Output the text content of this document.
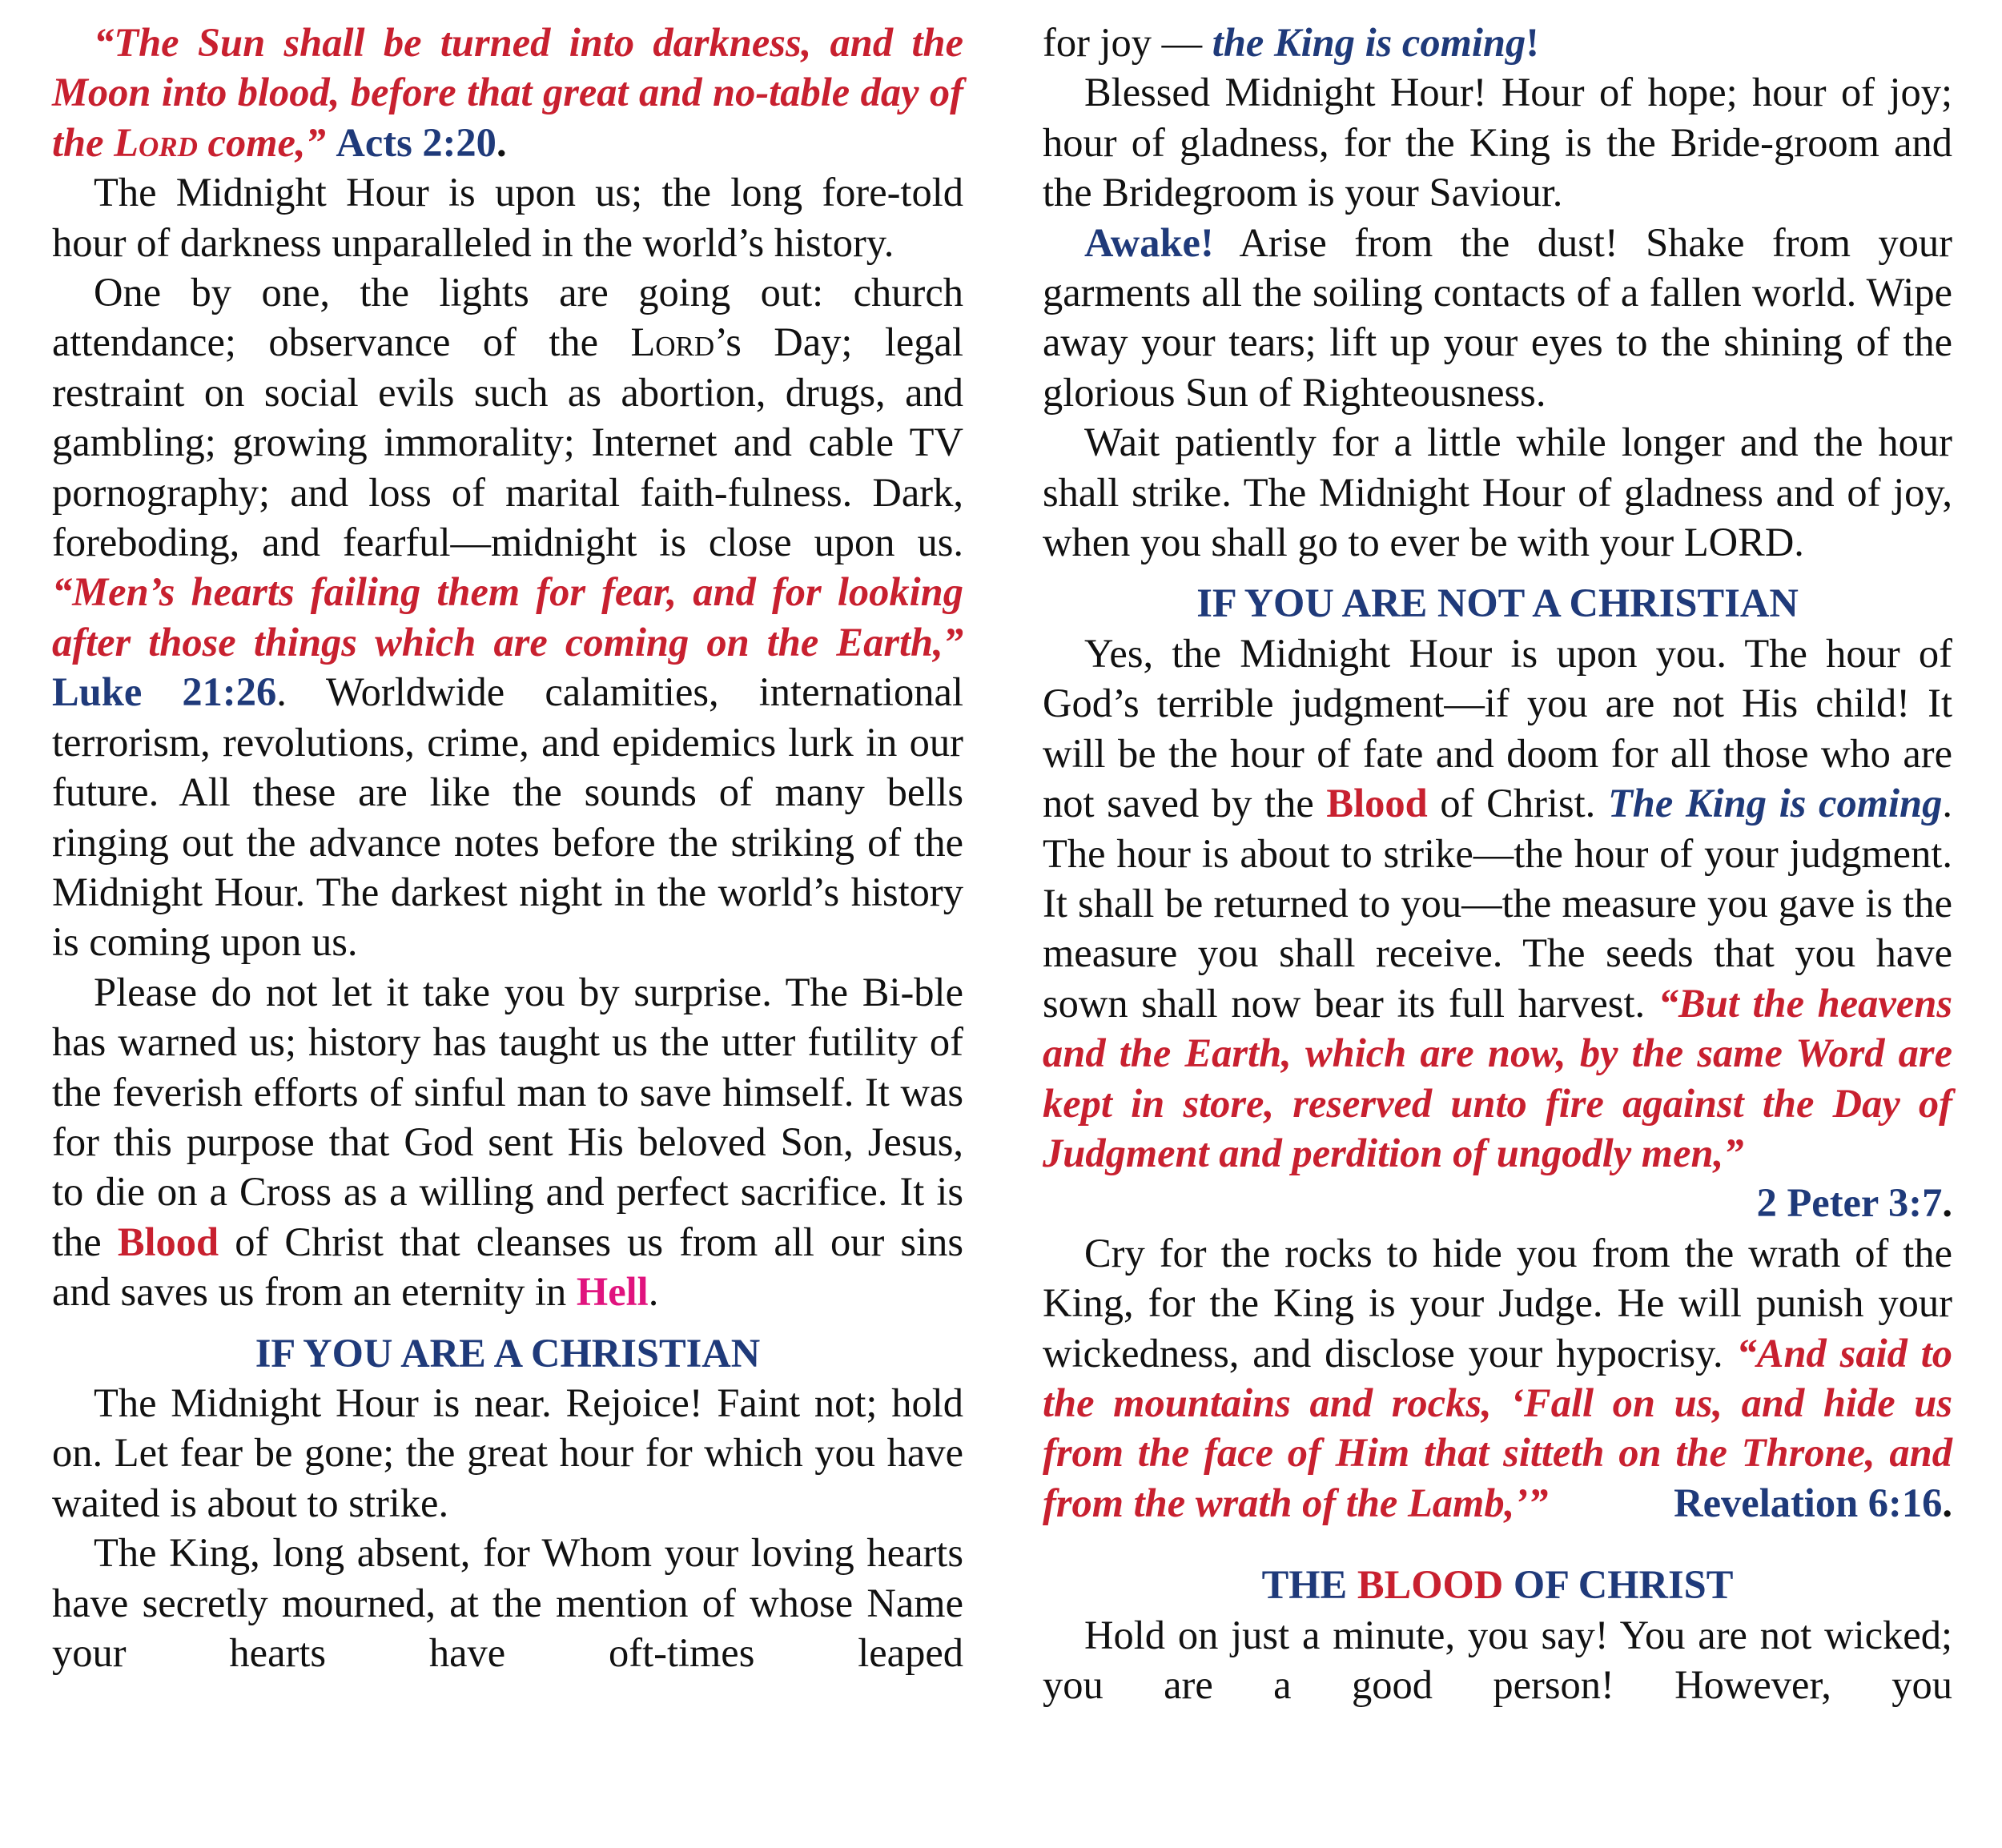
“The Sun shall be turned into darkness, and the Moon into blood, before that great and no-table day of the Lord come,” Acts 2:20.

The Midnight Hour is upon us; the long fore-told hour of darkness unparalleled in the world’s history.

One by one, the lights are going out: church attendance; observance of the Lord’s Day; legal restraint on social evils such as abortion, drugs, and gambling; growing immorality; Internet and cable TV pornography; and loss of marital faith-fulness. Dark, foreboding, and fearful—midnight is close upon us. “Men’s hearts failing them for fear, and for looking after those things which are coming on the Earth,” Luke 21:26. Worldwide calamities, international terrorism, revolutions, crime, and epidemics lurk in our future. All these are like the sounds of many bells ringing out the advance notes before the striking of the Midnight Hour. The darkest night in the world’s history is coming upon us.

Please do not let it take you by surprise. The Bi-ble has warned us; history has taught us the utter futility of the feverish efforts of sinful man to save himself. It was for this purpose that God sent His beloved Son, Jesus, to die on a Cross as a willing and perfect sacrifice. It is the Blood of Christ that cleanses us from all our sins and saves us from an eternity in Hell.

IF YOU ARE A CHRISTIAN

The Midnight Hour is near. Rejoice! Faint not; hold on. Let fear be gone; the great hour for which you have waited is about to strike.

The King, long absent, for Whom your loving hearts have secretly mourned, at the mention of whose Name your hearts have oft-times leaped

for joy — the King is coming!

Blessed Midnight Hour! Hour of hope; hour of joy; hour of gladness, for the King is the Bride-groom and the Bridegroom is your Saviour.

Awake! Arise from the dust! Shake from your garments all the soiling contacts of a fallen world. Wipe away your tears; lift up your eyes to the shining of the glorious Sun of Righteousness.

Wait patiently for a little while longer and the hour shall strike. The Midnight Hour of gladness and of joy, when you shall go to ever be with your LORD.

IF YOU ARE NOT A CHRISTIAN

Yes, the Midnight Hour is upon you. The hour of God’s terrible judgment—if you are not His child! It will be the hour of fate and doom for all those who are not saved by the Blood of Christ. The King is coming. The hour is about to strike—the hour of your judgment. It shall be returned to you—the measure you gave is the measure you shall receive. The seeds that you have sown shall now bear its full harvest. “But the heavens and the Earth, which are now, by the same Word are kept in store, reserved unto fire against the Day of Judgment and perdition of ungodly men,”

2 Peter 3:7.

Cry for the rocks to hide you from the wrath of the King, for the King is your Judge. He will punish your wickedness, and disclose your hypocrisy. “And said to the mountains and rocks, ‘Fall on us, and hide us from the face of Him that sitteth on the Throne, and from the wrath of the Lamb,’”	Revelation 6:16.

THE BLOOD OF CHRIST

Hold on just a minute, you say! You are not wicked; you are a good person! However, you
